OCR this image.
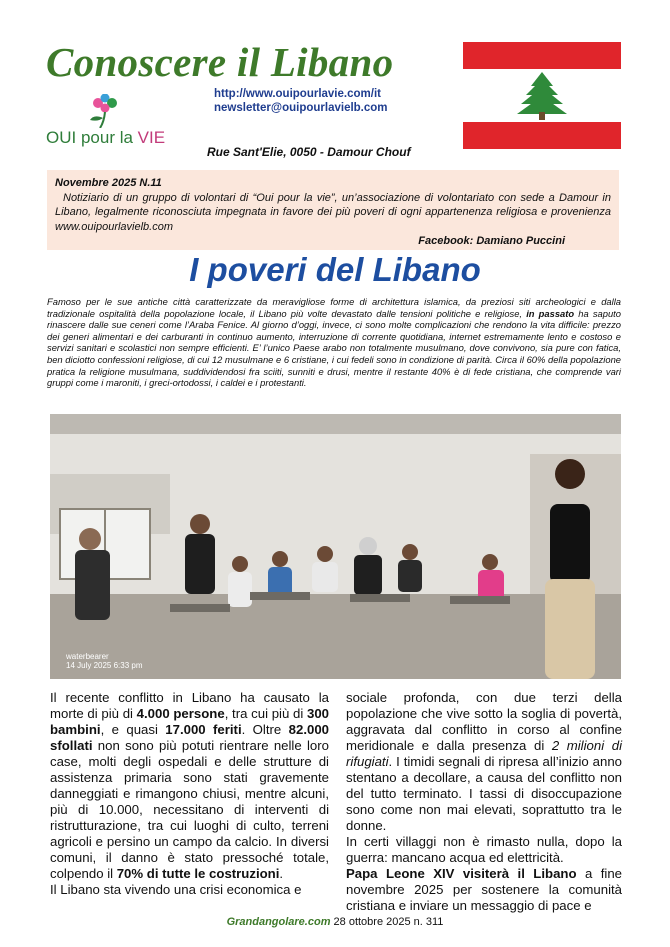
Conoscere il Libano
http://www.ouipourlavie.com/it
newsletter@ouipourlavielb.com
OUI pour la VIE
Rue Sant'Elie, 0050 - Damour Chouf
Novembre 2025 N.11
Notiziario di un gruppo di volontari di “Oui pour la vie”, un’associazione di volontariato con sede a Damour in Libano, legalmente riconosciuta impegnata in favore dei più poveri di ogni appartenenza religiosa e provenienza www.ouipourlavielb.com
Facebook: Damiano Puccini
I poveri del Libano
Famoso per le sue antiche città caratterizzate da meravigliose forme di architettura islamica, da preziosi siti archeologici e dalla tradizionale ospitalità della popolazione locale, il Libano più volte devastato dalle tensioni politiche e religiose, in passato ha saputo rinascere dalle sue ceneri come l’Araba Fenice. Al giorno d’oggi, invece, ci sono molte complicazioni che rendono la vita difficile: prezzo dei generi alimentari e dei carburanti in continuo aumento, interruzione di corrente quotidiana, internet estremamente lento e costoso e servizi sanitari e scolastici non sempre efficienti. E’ l’unico Paese arabo non totalmente musulmano, dove convivono, sia pure con fatica, ben diciotto confessioni religiose, di cui 12 musulmane e 6 cristiane, i cui fedeli sono in condizione di parità. Circa il 60% della popolazione pratica la religione musulmana, suddividendosi fra sciiti, sunniti e drusi, mentre il restante 40% è di fede cristiana, che comprende vari gruppi come i maroniti, i greci-ortodossi, i caldei e i protestanti.
waterbearer
14 July 2025 6:33 pm

Il recente conflitto in Libano ha causato la morte di più di 4.000 persone, tra cui più di 300 bambini, e quasi 17.000 feriti. Oltre 82.000 sfollati non sono più potuti rientrare nelle loro case, molti degli ospedali e delle strutture di assistenza primaria sono stati gravemente danneggiati e rimangono chiusi, mentre alcuni, più di 10.000, necessitano di interventi di ristrutturazione, tra cui luoghi di culto, terreni agricoli e persino un campo da calcio. In diversi comuni, il danno è stato pressoché totale, colpendo il 70% di tutte le costruzioni.

Il Libano sta vivendo una crisi economica e

sociale profonda, con due terzi della popolazione che vive sotto la soglia di povertà, aggravata dal conflitto in corso al confine meridionale e dalla presenza di 2 milioni di rifugiati. I timidi segnali di ripresa all’inizio anno stentano a decollare, a causa del conflitto non del tutto terminato. I tassi di disoccupazione sono come non mai elevati, soprattutto tra le donne.

In certi villaggi non è rimasto nulla, dopo la guerra: mancano acqua ed elettricità.

Papa Leone XIV visiterà il Libano a fine novembre 2025 per sostenere la comunità cristiana e inviare un messaggio di pace e

Grandangolare.com 28 ottobre 2025 n. 311
